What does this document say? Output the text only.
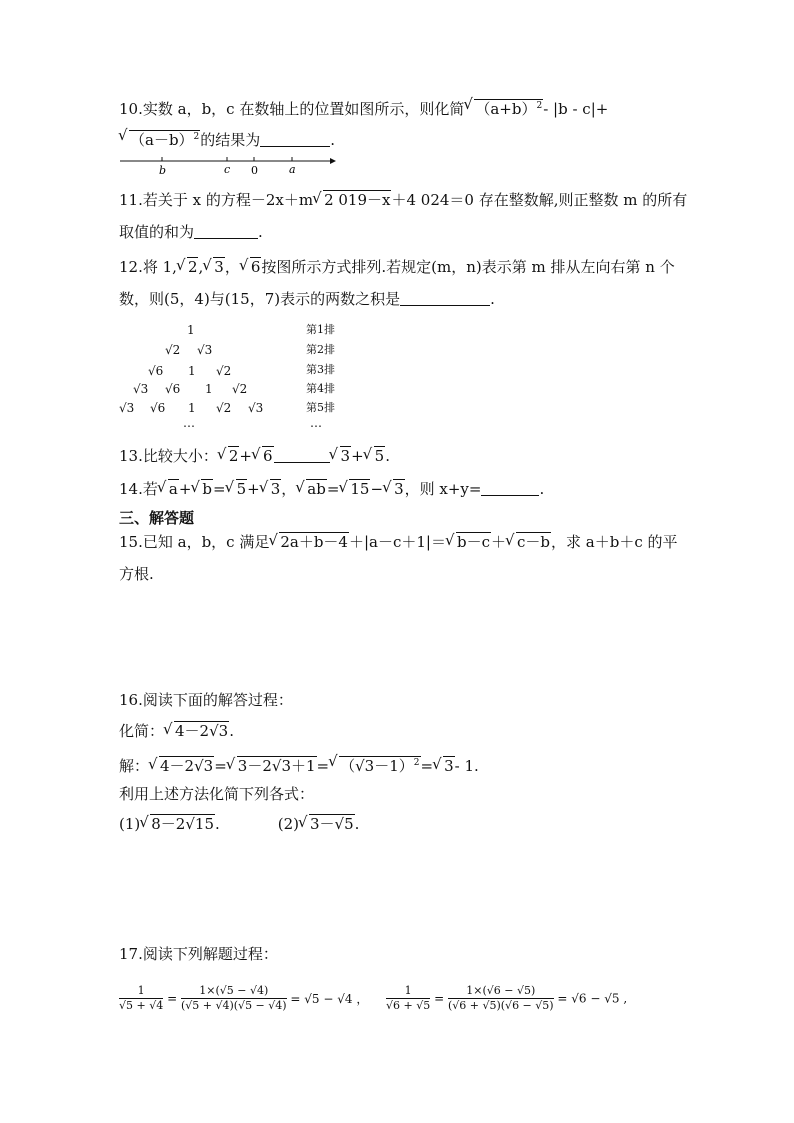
10.实数 a，b，c 在数轴上的位置如图所示，则化简√ $(a+b)^2-$ |b - c|+
√ $(a-b)^2$的结果为	.
b	c 0	a
11.若关于 x 的方程－2x＋m√ 2 019－x＋4 024＝0 存在整数解,则正整数 m 的所有
取值的和为	.
12.将 1,√ 2,√ 3，√ 6按图所示方式排列.若规定(m，n)表示第 m 排从左向右第 n 个
数，则(5，4)与(15，7)表示的两数之积是	.
1
√2 √3
√6 1 √2
√3 √6 1 √2
√3 √6 1 √2 √3
…	…
第1排
第2排
第3排
第4排
第5排
13.比较大小：√ 2+√ 6√	3+√ 5.
14.若√ a+√ b=√ 5+√ 3，√ ab=√ 15−√ 3，则 x+y=	.
三、解答题
15.已知 a，b，c 满足√ 2a＋b－4＋|a－c＋1|＝√ b－c＋√ c－b，求 a＋b＋c 的平
方根.
16.阅读下面的解答过程：
化简：√ 4－2√3.
解：√ 4－2√3=√ 3－2√3＋1=√ $(√3-1)^2=√$ 3- 1.
利用上述方法化简下列各式：
(1)√ 8－2√15.	(2)√ 3－√5.
17.阅读下列解题过程：
$\frac{1}{√5 + √4} = \frac{1\times(√5 - √4)}{(√5 + √4)(√5 - √4)} = √5 - √4$ ， $\frac{1}{√6 + √5} = \frac{1\times(√6 - √5)}{(√6 + √5)(√6 - √5)} = √6 - √5$ ,
